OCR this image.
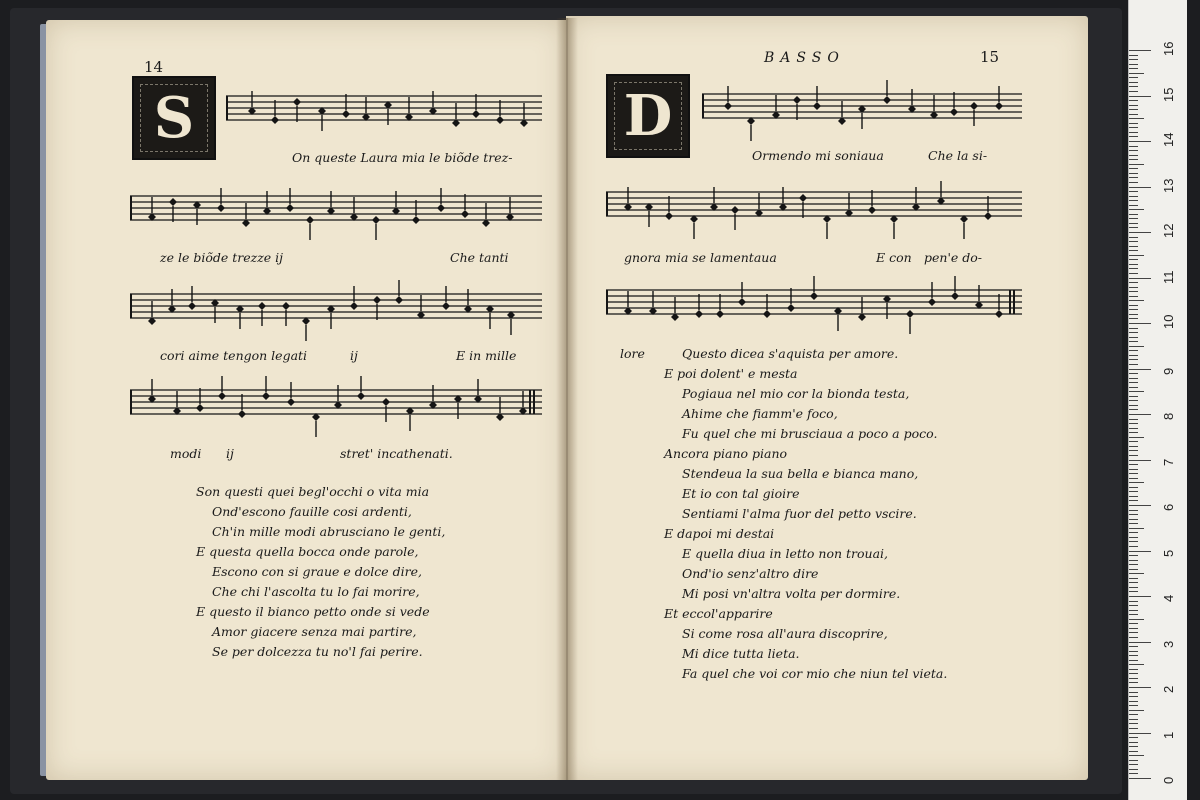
14
S
On queste Laura mia le biõde trez-
ze le biõde trezze ij	Che tanti
cori aime tengon legati	ij	E in mille
modi ij	stret' incathenati.
Son questi quei begl'occhi o vita mia
Ond'escono fauille cosi ardenti,
Ch'in mille modi abrusciano le genti,
E questa quella bocca onde parole,
Escono con si graue e dolce dire,
Che chi l'ascolta tu lo fai morire,
E questo il bianco petto onde si vede
Amor giacere senza mai partire,
Se per dolcezza tu no'l fai perire.
BASSO	15
D
Ormendo mi soniaua	Che la si-
gnora mia se lamentaua	E con pen'e do-
lore	Questo dicea s'aquista per amore.
E poi dolent' e mesta
Pogiaua nel mio cor la bionda testa,
Ahime che fiamm'e foco,
Fu quel che mi brusciaua a poco a poco.
Ancora piano piano
Stendeua la sua bella e bianca mano,
Et io con tal gioire
Sentiami l'alma fuor del petto vscire.
E dapoi mi destai
E quella diua in letto non trouai,
Ond'io senz'altro dire
Mi posi vn'altra volta per dormire.
Et eccol'apparire
Si come rosa all'aura discoprire,
Mi dice tutta lieta.
Fa quel che voi cor mio che niun tel vieta.
0
1
2
3
4
5
6
7
8
9
10
11
12
13
14
15
16
